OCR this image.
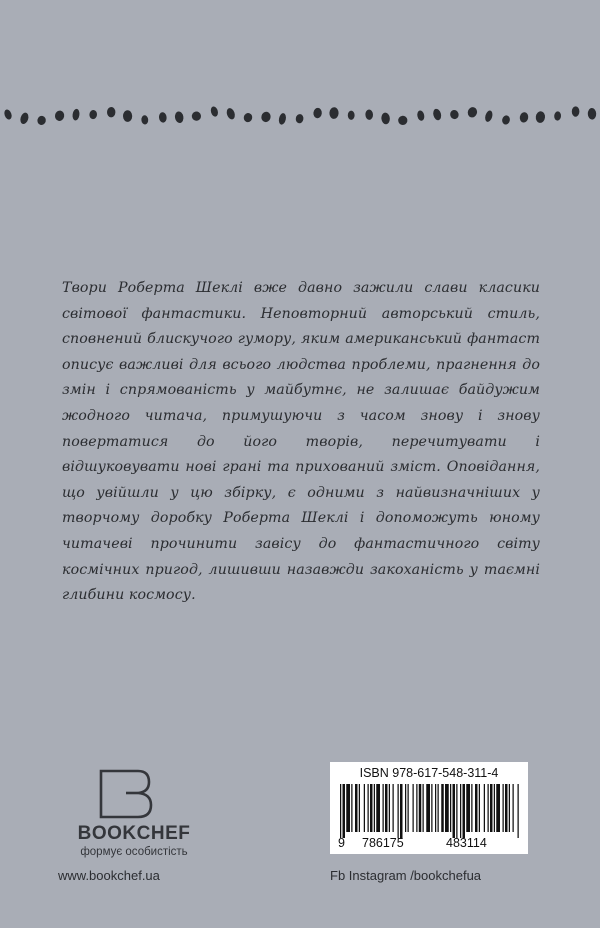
Твори Роберта Шеклі вже давно зажили слави класики світової фантастики. Неповторний авторський стиль, сповнений блискучого гумору, яким американський фантаст описує важливі для всього людства проблеми, прагнення до змін і спрямованість у майбутнє, не залишає байдужим жодного читача, примушуючи з часом знову і знову повертатися до його творів, перечитувати і відшуковувати нові грані та прихований зміст. Оповідання, що увійшли у цю збірку, є одними з найвизначніших у творчому доробку Роберта Шеклі і допоможуть юному читачеві прочинити завісу до фантастичного світу космічних пригод, лишивши назавжди закоханість у таємні глибини космосу.

BOOKCHEF
формує особистість
www.bookchef.ua
ISBN 978-617-548-311-4
9 786175	483114
Fb Instagram /bookchefua
